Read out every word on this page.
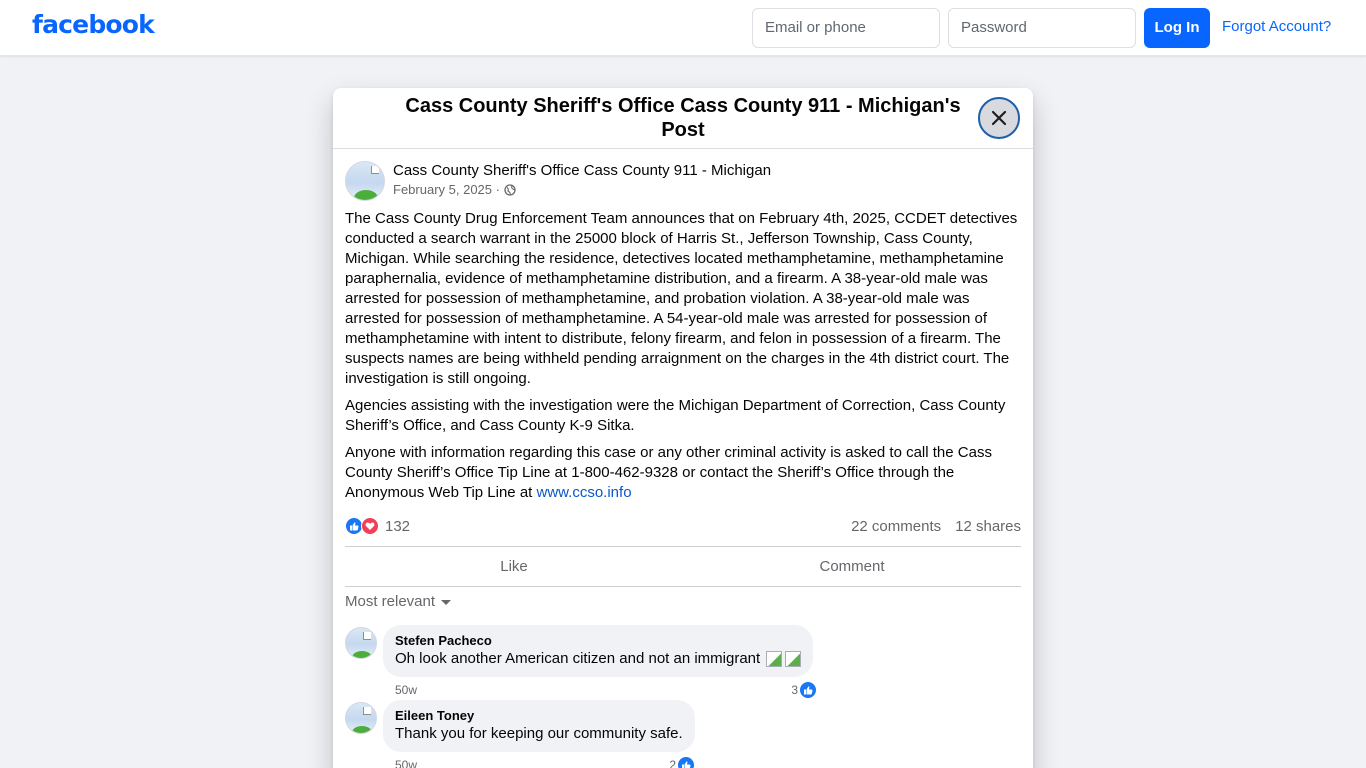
facebook	Email or phone	Password	Log In	Forgot Account?
Cass County Sheriff's Office Cass County 911 - Michigan's Post
Cass County Sheriff's Office Cass County 911 - Michigan
February 5, 2025 ·

The Cass County Drug Enforcement Team announces that on February 4th, 2025, CCDET detectives conducted a search warrant in the 25000 block of Harris St., Jefferson Township, Cass County, Michigan. While searching the residence, detectives located methamphetamine, methamphetamine paraphernalia, evidence of methamphetamine distribution, and a firearm. A 38-year-old male was arrested for possession of methamphetamine, and probation violation. A 38-year-old male was arrested for possession of methamphetamine. A 54-year-old male was arrested for possession of methamphetamine with intent to distribute, felony firearm, and felon in possession of a firearm. The suspects names are being withheld pending arraignment on the charges in the 4th district court. The investigation is still ongoing.

Agencies assisting with the investigation were the Michigan Department of Correction, Cass County Sheriff’s Office, and Cass County K-9 Sitka.

Anyone with information regarding this case or any other criminal activity is asked to call the Cass County Sheriff’s Office Tip Line at 1-800-462-9328 or contact the Sheriff’s Office through the Anonymous Web Tip Line at www.ccso.info

132	22 comments 12 shares
Like	Comment
Most relevant
Stefen Pacheco
Oh look another American citizen and not an immigrant
50w	3
Eileen Toney
Thank you for keeping our community safe.
50w	2
